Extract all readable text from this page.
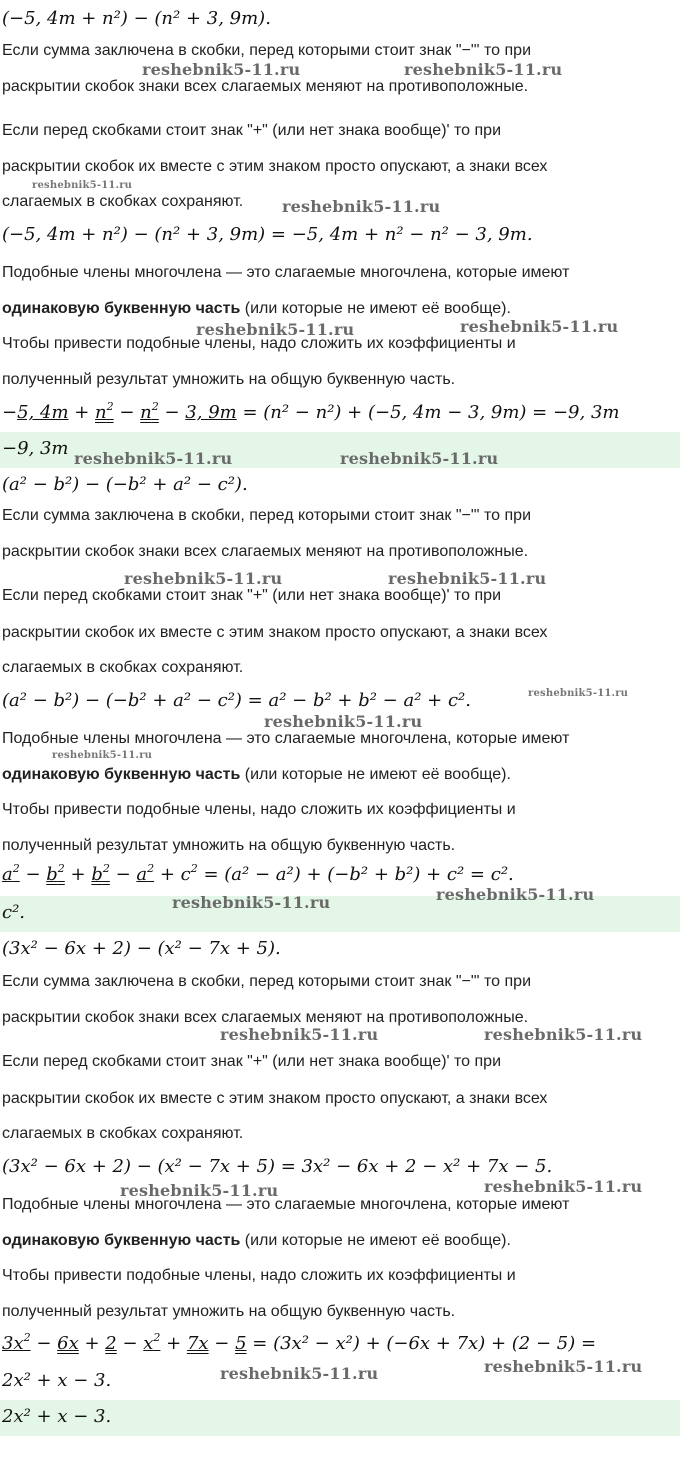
(−5, 4m + n²) − (n² + 3, 9m).
Если сумма заключена в скобки, перед которыми стоит знак "−"' то при
раскрытии скобок знаки всех слагаемых меняют на противоположные.
Если перед скобками стоит знак "+" (или нет знака вообще)' то при
раскрытии скобок их вместе с этим знаком просто опускают, а знаки всех
слагаемых в скобках сохраняют.
(−5, 4m + n²) − (n² + 3, 9m) = −5, 4m + n² − n² − 3, 9m.
Подобные члены многочлена — это слагаемые многочлена, которые имеют
одинаковую буквенную часть (или которые не имеют её вообще).
Чтобы привести подобные члены, надо сложить их коэффициенты и
полученный результат умножить на общую буквенную часть.
−5, $4m + n^2 - n^2 - 3$, 9m = (n² − n²) + (−5, 4m − 3, 9m) = −9, 3m
−9, 3m
(a² − b²) − (−b² + a² − c²).
Если сумма заключена в скобки, перед которыми стоит знак "−"' то при
раскрытии скобок знаки всех слагаемых меняют на противоположные.
Если перед скобками стоит знак "+" (или нет знака вообще)' то при
раскрытии скобок их вместе с этим знаком просто опускают, а знаки всех
слагаемых в скобках сохраняют.
(a² − b²) − (−b² + a² − c²) = a² − b² + b² − a² + c².
Подобные члены многочлена — это слагаемые многочлена, которые имеют
одинаковую буквенную часть (или которые не имеют её вообще).
Чтобы привести подобные члены, надо сложить их коэффициенты и
полученный результат умножить на общую буквенную часть.
$a^2 - b^2 + b^2 - a^2 + c^2 = (a^2 - a^2) + (-b^2 + b^2) + c^2 = c^2$.
c².
(3x² − 6x + 2) − (x² − 7x + 5).
Если сумма заключена в скобки, перед которыми стоит знак "−"' то при
раскрытии скобок знаки всех слагаемых меняют на противоположные.
Если перед скобками стоит знак "+" (или нет знака вообще)' то при
раскрытии скобок их вместе с этим знаком просто опускают, а знаки всех
слагаемых в скобках сохраняют.
(3x² − 6x + 2) − (x² − 7x + 5) = 3x² − 6x + 2 − x² + 7x − 5.
Подобные члены многочлена — это слагаемые многочлена, которые имеют
одинаковую буквенную часть (или которые не имеют её вообще).
Чтобы привести подобные члены, надо сложить их коэффициенты и
полученный результат умножить на общую буквенную часть.
$3x^2 - 6x + 2 - x^2 + 7x - 5 = (3x^2 - x^2) + (-6x + 7x) + (2 - 5)$ =
2x² + x − 3.
2x² + x − 3.
reshebnik5-11.ru	reshebnik5-11.ru
reshebnik5-11.ru
reshebnik5-11.ru
reshebnik5-11.ru	reshebnik5-11.ru
reshebnik5-11.ru	reshebnik5-11.ru
reshebnik5-11.ru	reshebnik5-11.ru
reshebnik5-11.ru
reshebnik5-11.ru
reshebnik5-11.ru
reshebnik5-11.ru
reshebnik5-11.ru
reshebnik5-11.ru	reshebnik5-11.ru
reshebnik5-11.ru	reshebnik5-11.ru
reshebnik5-11.ru
reshebnik5-11.ru
